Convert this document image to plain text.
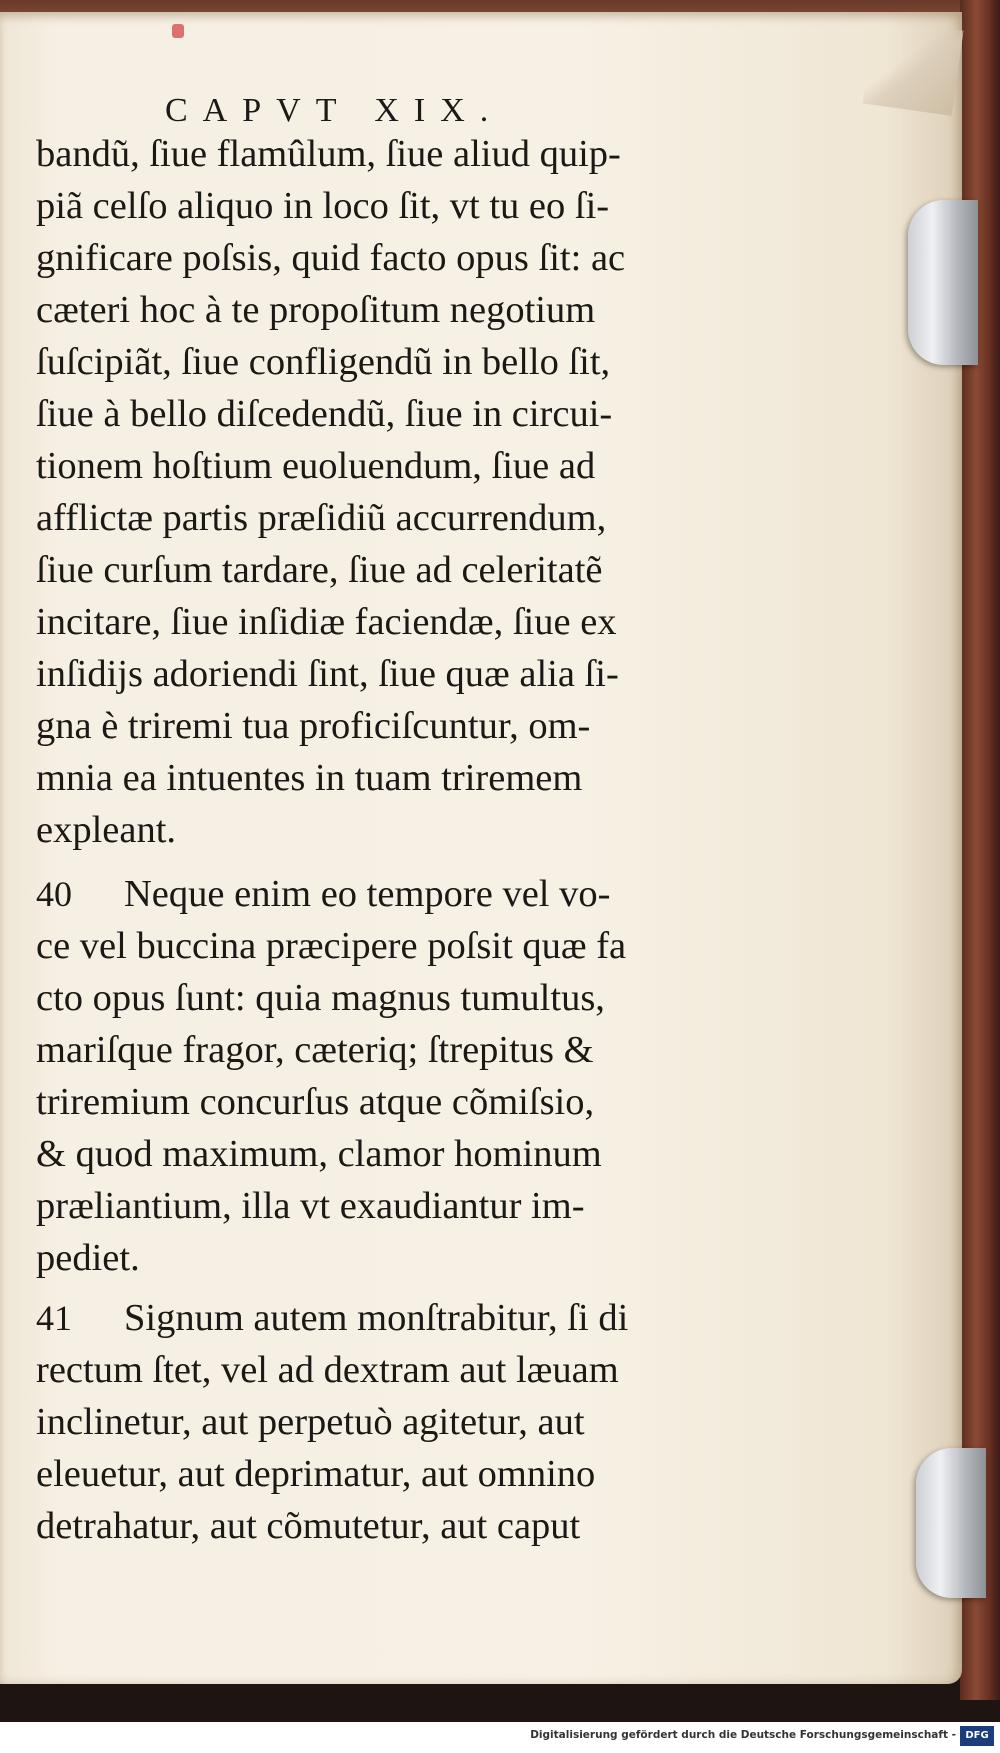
CAPVT XIX.
bandũ, ſiue flamûlum, ſiue aliud quip-
piã celſo aliquo in loco ſit, vt tu eo ſi-
gnificare poſsis, quid facto opus ſit: ac
cæteri hoc à te propoſitum negotium
ſuſcipiãt, ſiue confligendũ in bello ſit,
ſiue à bello diſcedendũ, ſiue in circui-
tionem hoſtium euoluendum, ſiue ad
afflictæ partis præſidiũ accurrendum,
ſiue curſum tardare, ſiue ad celeritatẽ
incitare, ſiue inſidiæ faciendæ, ſiue ex
inſidijs adoriendi ſint, ſiue quæ alia ſi-
gna è triremi tua proficiſcuntur, om-
mnia ea intuentes in tuam triremem
expleant.
40 Neque enim eo tempore vel vo-
ce vel buccina præcipere poſsit quæ fa
cto opus ſunt: quia magnus tumultus,
mariſque fragor, cæteriq; ſtrepitus &
triremium concurſus atque cõmiſsio,
& quod maximum, clamor hominum
præliantium, illa vt exaudiantur im-
pediet.
41 Signum autem monſtrabitur, ſi di
rectum ſtet, vel ad dextram aut læuam
inclinetur, aut perpetuò agitetur, aut
eleuetur, aut deprimatur, aut omnino
detrahatur, aut cõmutetur, aut caput
Digitalisierung gefördert durch die Deutsche Forschungsgemeinschaft - DFG
